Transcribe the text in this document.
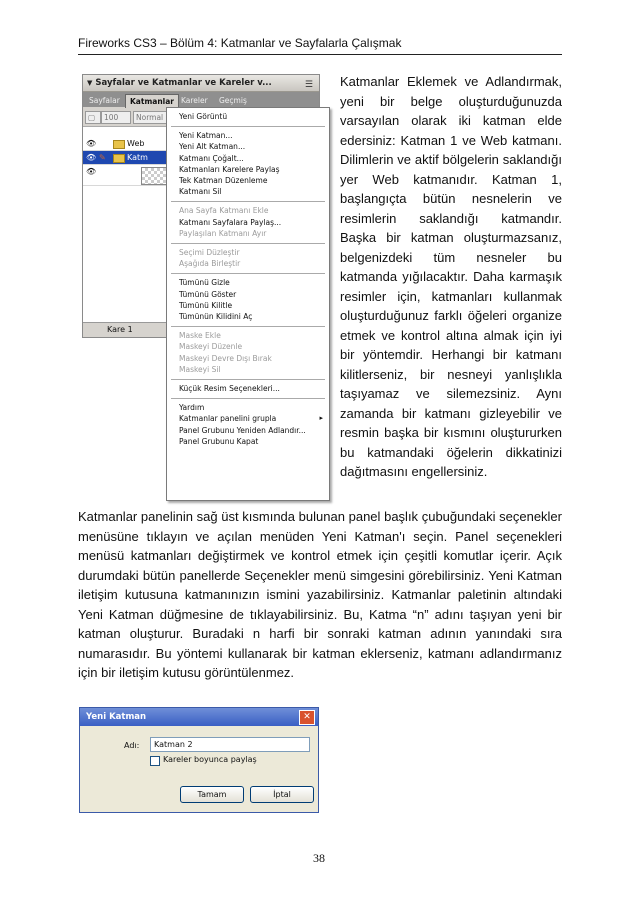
Fireworks CS3 – Bölüm 4: Katmanlar ve Sayfalarla Çalışmak
▼ Sayfalar ve Katmanlar ve Kareler v...	☰
Sayfalar	Katmanlar Kareler	Geçmiş
▢	100	Normal
👁	Web
👁 ✎	Katm
👁
Kare 1
Yeni Görüntü
Yeni Katman...
Yeni Alt Katman...
Katmanı Çoğalt...
Katmanları Karelere Paylaş
Tek Katman Düzenleme
Katmanı Sil
Ana Sayfa Katmanı Ekle
Katmanı Sayfalara Paylaş...
Paylaşılan Katmanı Ayır
Seçimi Düzleştir
Aşağıda Birleştir
Tümünü Gizle
Tümünü Göster
Tümünü Kilitle
Tümünün Kilidini Aç
Maske Ekle
Maskeyi Düzenle
Maskeyi Devre Dışı Bırak
Maskeyi Sil
Küçük Resim Seçenekleri...
Yardım
Katmanlar panelini grupla	▸
Panel Grubunu Yeniden Adlandır...
Panel Grubunu Kapat
Katmanlar Eklemek ve Adlandırmak, yeni bir belge oluşturduğunuzda varsayılan olarak iki katman elde edersiniz: Katman 1 ve Web katmanı. Dilimlerin ve aktif bölgelerin saklandığı yer Web katmanıdır. Katman 1, başlangıçta bütün nesnelerin ve resimlerin saklandığı katmandır. Başka bir katman oluşturmazsanız, belgenizdeki tüm nesneler bu katmanda yığılacaktır. Daha karmaşık resimler için, katmanları kullanmak oluşturduğunuz farklı öğeleri organize etmek ve kontrol altına almak için iyi bir yöntemdir. Herhangi bir katmanı kilitlerseniz, bir nesneyi yanlışlıkla taşıyamaz ve silemezsiniz. Aynı zamanda bir katmanı gizleyebilir ve resmin başka bir kısmını oluştururken bu katmandaki öğelerin dikkatinizi dağıtmasını engellersiniz.
Katmanlar panelinin sağ üst kısmında bulunan panel başlık çubuğundaki seçenekler menüsüne tıklayın ve açılan menüden Yeni Katman'ı seçin. Panel seçenekleri menüsü katmanları değiştirmek ve kontrol etmek için çeşitli komutlar içerir. Açık durumdaki bütün panellerde Seçenekler menü simgesini görebilirsiniz. Yeni Katman iletişim kutusuna katmanınızın ismini yazabilirsiniz. Katmanlar paletinin altındaki Yeni Katman düğmesine de tıklayabilirsiniz. Bu, Katma “n” adını taşıyan yeni bir katman oluşturur. Buradaki n harfi bir sonraki katman adının yanındaki sıra numarasıdır. Bu yöntemi kullanarak bir katman eklerseniz, katmanı adlandırmanız için bir iletişim kutusu görüntülenmez.
Yeni Katman	✕
Adı:	Katman 2
Kareler boyunca paylaş
Tamam	İptal
38
